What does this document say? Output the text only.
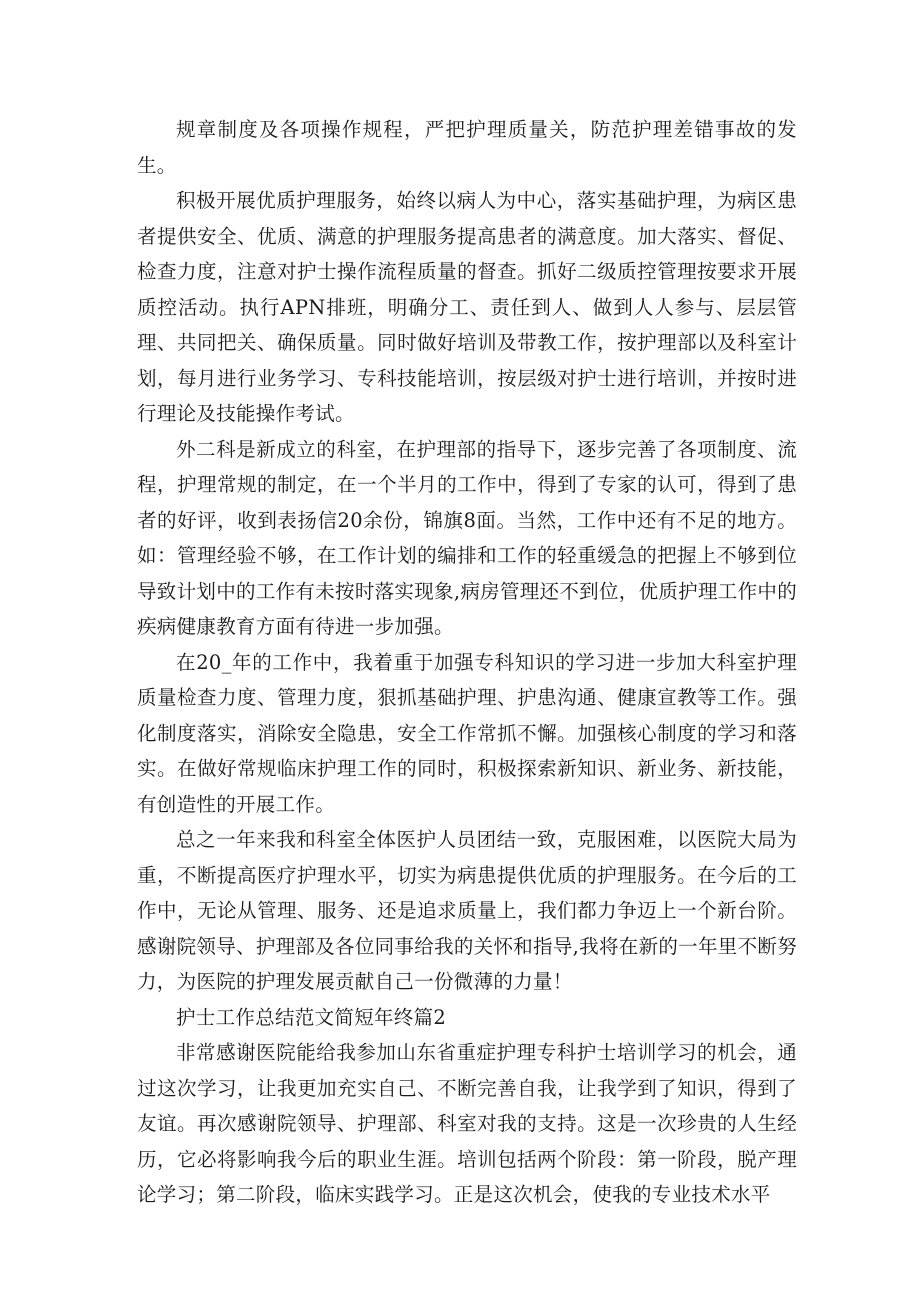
规章制度及各项操作规程，严把护理质量关，防范护理差错事故的发生。

积极开展优质护理服务，始终以病人为中心，落实基础护理，为病区患者提供安全、优质、满意的护理服务提高患者的满意度。加大落实、督促、检查力度，注意对护士操作流程质量的督查。抓好二级质控管理按要求开展质控活动。执行APN排班，明确分工、责任到人、做到人人参与、层层管理、共同把关、确保质量。同时做好培训及带教工作，按护理部以及科室计划，每月进行业务学习、专科技能培训，按层级对护士进行培训，并按时进行理论及技能操作考试。

外二科是新成立的科室，在护理部的指导下，逐步完善了各项制度、流程，护理常规的制定，在一个半月的工作中，得到了专家的认可，得到了患者的好评，收到表扬信20余份，锦旗8面。当然，工作中还有不足的地方。如：管理经验不够，在工作计划的编排和工作的轻重缓急的把握上不够到位导致计划中的工作有未按时落实现象,病房管理还不到位，优质护理工作中的疾病健康教育方面有待进一步加强。

在20_年的工作中，我着重于加强专科知识的学习进一步加大科室护理质量检查力度、管理力度，狠抓基础护理、护患沟通、健康宣教等工作。强化制度落实，消除安全隐患，安全工作常抓不懈。加强核心制度的学习和落实。在做好常规临床护理工作的同时，积极探索新知识、新业务、新技能，有创造性的开展工作。

总之一年来我和科室全体医护人员团结一致，克服困难，以医院大局为重，不断提高医疗护理水平，切实为病患提供优质的护理服务。在今后的工作中，无论从管理、服务、还是追求质量上，我们都力争迈上一个新台阶。感谢院领导、护理部及各位同事给我的关怀和指导,我将在新的一年里不断努力，为医院的护理发展贡献自己一份微薄的力量！

护士工作总结范文简短年终篇2

非常感谢医院能给我参加山东省重症护理专科护士培训学习的机会，通过这次学习，让我更加充实自己、不断完善自我，让我学到了知识，得到了友谊。再次感谢院领导、护理部、科室对我的支持。这是一次珍贵的人生经历，它必将影响我今后的职业生涯。培训包括两个阶段：第一阶段，脱产理论学习；第二阶段，临床实践学习。正是这次机会，使我的专业技术水平
